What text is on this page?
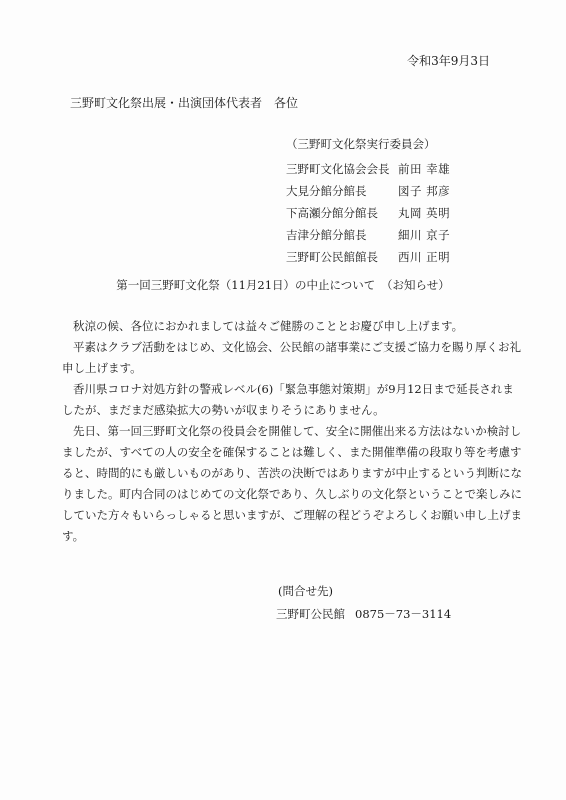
令和3年9月3日
三野町文化祭出展・出演団体代表者　各位
（三野町文化祭実行委員会）
三野町文化協会会長 前田 幸雄
大見分館分館長	図子 邦彦
下高瀬分館分館長	丸岡 英明
吉津分館分館長	細川 京子
三野町公民館館長	西川 正明
第一回三野町文化祭（11月21日）の中止について　（お知らせ）

秋涼の候、各位におかれましては益々ご健勝のこととお慶び申し上げます。

平素はクラブ活動をはじめ、文化協会、公民館の諸事業にご支援ご協力を賜り厚くお礼申し上げます。

香川県コロナ対処方針の警戒レベル(6)「緊急事態対策期」が9月12日まで延長されましたが、まだまだ感染拡大の勢いが収まりそうにありません。

先日、第一回三野町文化祭の役員会を開催して、安全に開催出来る方法はないか検討しましたが、すべての人の安全を確保することは難しく、また開催準備の段取り等を考慮すると、時間的にも厳しいものがあり、苦渋の決断ではありますが中止するという判断になりました。町内合同のはじめての文化祭であり、久しぶりの文化祭ということで楽しみにしていた方々もいらっしゃると思いますが、ご理解の程どうぞよろしくお願い申し上げます。

(問合せ先)
三野町公民館 0875－73－3114
